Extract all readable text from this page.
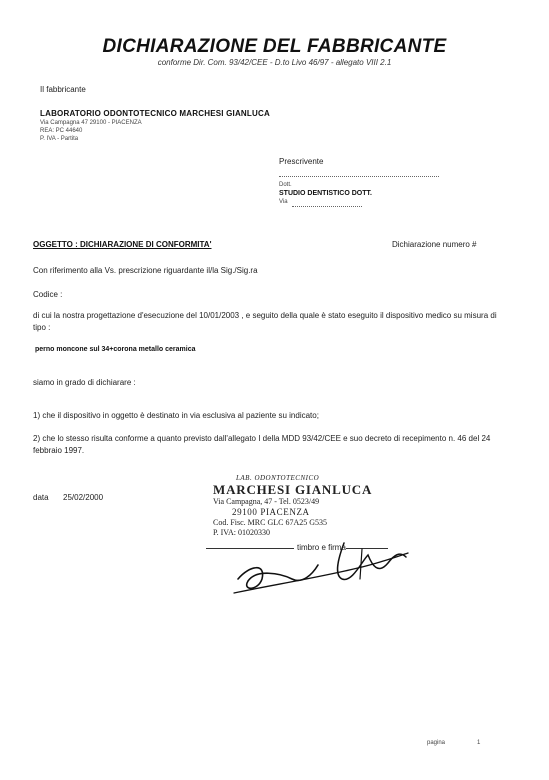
DICHIARAZIONE DEL FABBRICANTE
conforme Dir. Com. 93/42/CEE - D.to Livo 46/97 - allegato VIII 2.1
Il fabbricante
LABORATORIO ODONTOTECNICO MARCHESI GIANLUCA
Via Campagna 47 29100 - PIACENZA
REA: PC 44640
P. IVA - Partita
Prescrivente
Dott.
STUDIO DENTISTICO DOTT.
Via
OGGETTO : DICHIARAZIONE DI CONFORMITA'	Dichiarazione numero #
Con riferimento alla Vs. prescrizione riguardante il/la Sig./Sig.ra
Codice :
di cui la nostra progettazione d'esecuzione del 10/01/2003 , e seguito della quale è stato eseguito il dispositivo medico su misura di tipo :
perno moncone sul 34+corona metallo ceramica
siamo in grado di dichiarare :
1) che il dispositivo in oggetto è destinato in via esclusiva al paziente su indicato;
2) che lo stesso risulta conforme a quanto previsto dall'allegato I della MDD 93/42/CEE e suo decreto di recepimento n. 46 del 24 febbraio 1997.
data 25/02/2000
LAB. ODONTOTECNICO
MARCHESI GIANLUCA
Via Campagna, 47 - Tel. 0523/49
29100 PIACENZA
Cod. Fisc. MRC GLC 67A25 G535
P. IVA: 01020330
timbro e firma
pagina	1
